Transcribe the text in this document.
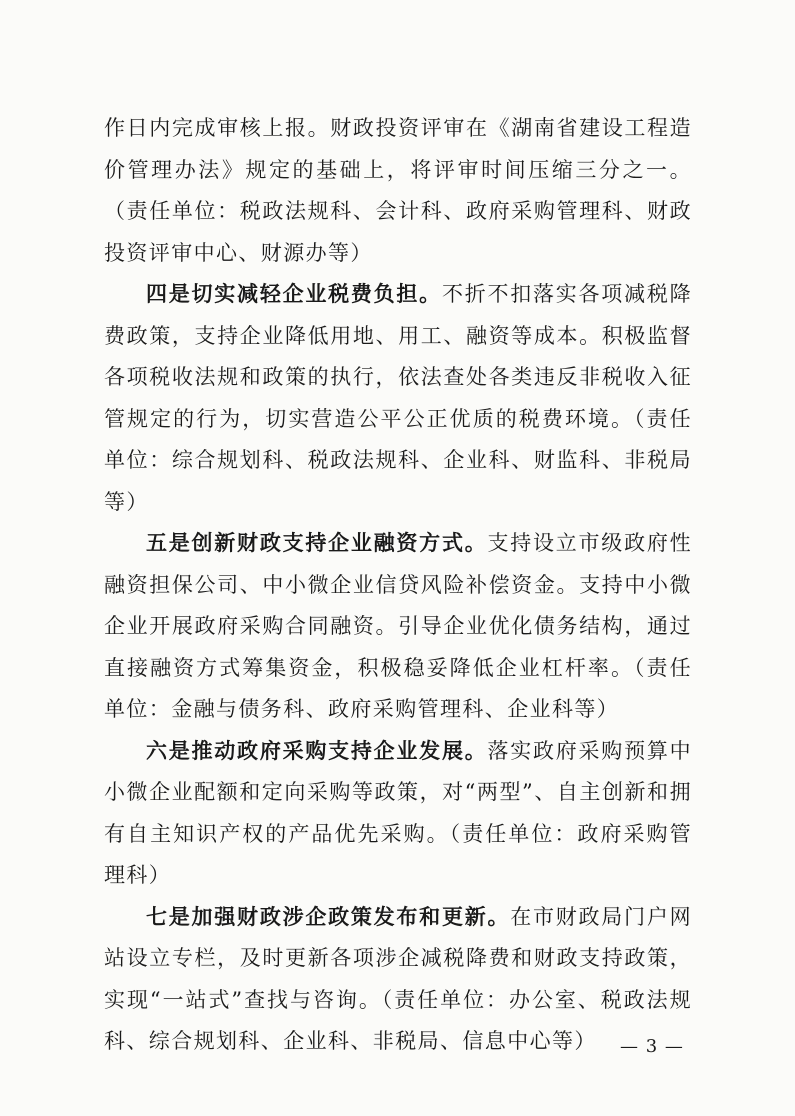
作日内完成审核上报。财政投资评审在《湖南省建设工程造价管理办法》规定的基础上，将评审时间压缩三分之一。（责任单位：税政法规科、会计科、政府采购管理科、财政投资评审中心、财源办等）

四是切实减轻企业税费负担。不折不扣落实各项减税降费政策，支持企业降低用地、用工、融资等成本。积极监督各项税收法规和政策的执行，依法查处各类违反非税收入征管规定的行为，切实营造公平公正优质的税费环境。（责任单位：综合规划科、税政法规科、企业科、财监科、非税局等）

五是创新财政支持企业融资方式。支持设立市级政府性融资担保公司、中小微企业信贷风险补偿资金。支持中小微企业开展政府采购合同融资。引导企业优化债务结构，通过直接融资方式筹集资金，积极稳妥降低企业杠杆率。（责任单位：金融与债务科、政府采购管理科、企业科等）

六是推动政府采购支持企业发展。落实政府采购预算中小微企业配额和定向采购等政策，对“两型”、自主创新和拥有自主知识产权的产品优先采购。（责任单位：政府采购管理科）

七是加强财政涉企政策发布和更新。在市财政局门户网站设立专栏，及时更新各项涉企减税降费和财政支持政策，实现“一站式”查找与咨询。（责任单位：办公室、税政法规科、综合规划科、企业科、非税局、信息中心等）	— 3 —
